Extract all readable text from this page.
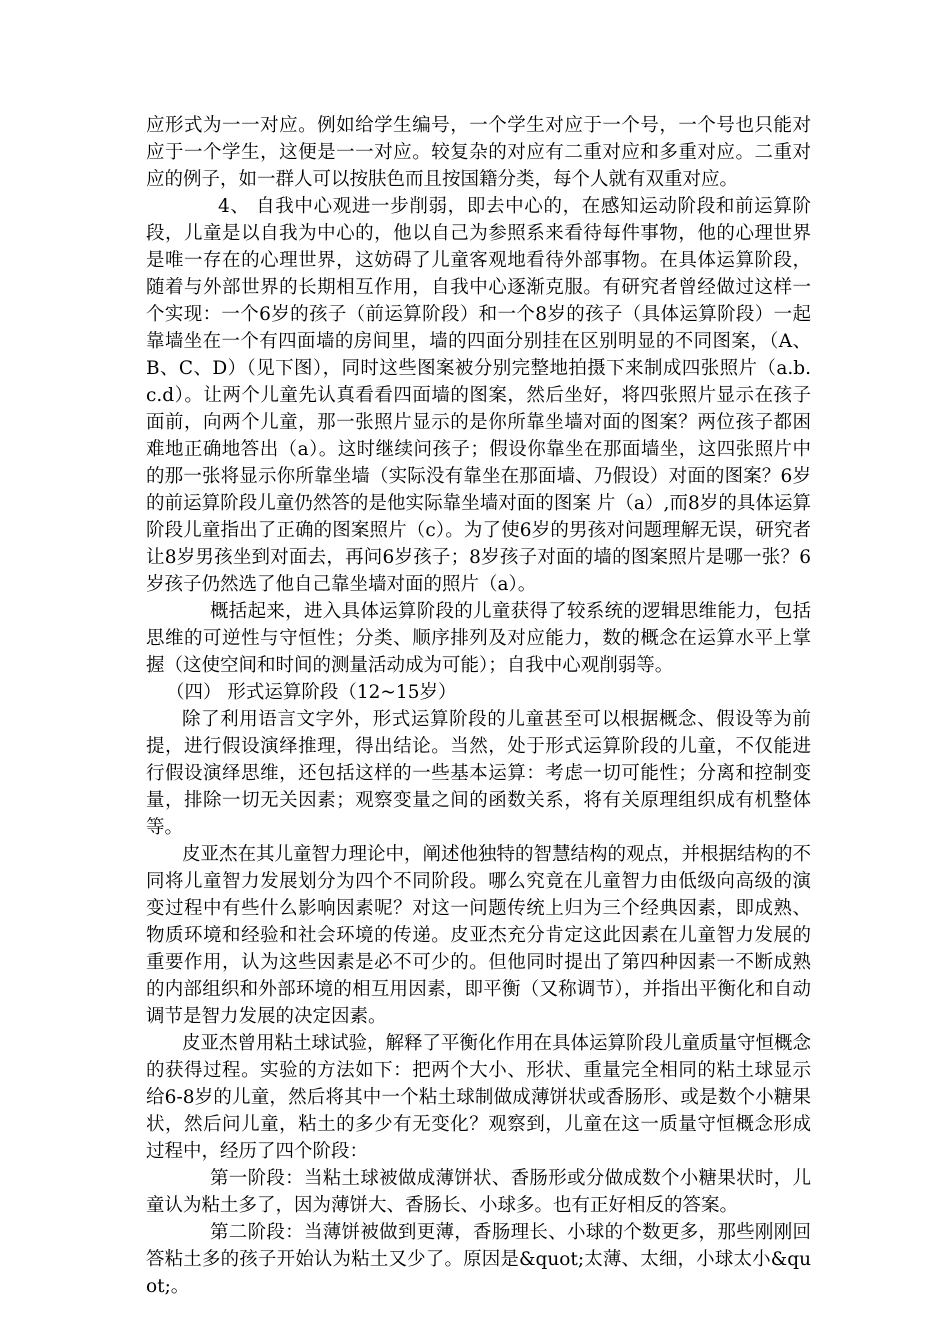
应形式为一一对应。例如给学生编号，一个学生对应于一个号，一个号也只能对应于一个学生，这便是一一对应。较复杂的对应有二重对应和多重对应。二重对应的例子，如一群人可以按肤色而且按国籍分类，每个人就有双重对应。

4、 自我中心观进一步削弱，即去中心的，在感知运动阶段和前运算阶段，儿童是以自我为中心的，他以自己为参照系来看待每件事物，他的心理世界是唯一存在的心理世界，这妨碍了儿童客观地看待外部事物。在具体运算阶段，随着与外部世界的长期相互作用，自我中心逐渐克服。有研究者曾经做过这样一个实现：一个6岁的孩子（前运算阶段）和一个8岁的孩子（具体运算阶段）一起靠墙坐在一个有四面墙的房间里，墙的四面分别挂在区别明显的不同图案，（A、B、C、D）（见下图），同时这些图案被分别完整地拍摄下来制成四张照片（a.b.c.d）。让两个儿童先认真看看四面墙的图案，然后坐好，将四张照片显示在孩子面前，向两个儿童，那一张照片显示的是你所靠坐墙对面的图案？两位孩子都困难地正确地答出（a）。这时继续问孩子；假设你靠坐在那面墙坐，这四张照片中的那一张将显示你所靠坐墙（实际没有靠坐在那面墙、乃假设）对面的图案？6岁的前运算阶段儿童仍然答的是他实际靠坐墙对面的图案 片（a）,而8岁的具体运算阶段儿童指出了正确的图案照片（c）。为了使6岁的男孩对问题理解无误，研究者让8岁男孩坐到对面去，再问6岁孩子；8岁孩子对面的墙的图案照片是哪一张？6岁孩子仍然选了他自己靠坐墙对面的照片（a）。

概括起来，进入具体运算阶段的儿童获得了较系统的逻辑思维能力，包括思维的可逆性与守恒性；分类、顺序排列及对应能力，数的概念在运算水平上掌握（这使空间和时间的测量活动成为可能）；自我中心观削弱等。

（四） 形式运算阶段（12~15岁）

除了利用语言文字外，形式运算阶段的儿童甚至可以根据概念、假设等为前提，进行假设演绎推理，得出结论。当然，处于形式运算阶段的儿童，不仅能进行假设演绎思维，还包括这样的一些基本运算：考虑一切可能性；分离和控制变量，排除一切无关因素；观察变量之间的函数关系，将有关原理组织成有机整体等。

皮亚杰在其儿童智力理论中，阐述他独特的智慧结构的观点，并根据结构的不同将儿童智力发展划分为四个不同阶段。哪么究竟在儿童智力由低级向高级的演变过程中有些什么影响因素呢？对这一问题传统上归为三个经典因素，即成熟、物质环境和经验和社会环境的传递。皮亚杰充分肯定这此因素在儿童智力发展的重要作用，认为这些因素是必不可少的。但他同时提出了第四种因素一不断成熟的内部组织和外部环境的相互用因素，即平衡（又称调节），并指出平衡化和自动调节是智力发展的决定因素。

皮亚杰曾用粘土球试验，解释了平衡化作用在具体运算阶段儿童质量守恒概念的获得过程。实验的方法如下：把两个大小、形状、重量完全相同的粘土球显示给6-8岁的儿童，然后将其中一个粘土球制做成薄饼状或香肠形、或是数个小糖果状，然后问儿童，粘土的多少有无变化？观察到，儿童在这一质量守恒概念形成过程中，经历了四个阶段：

第一阶段：当粘土球被做成薄饼状、香肠形或分做成数个小糖果状时，儿童认为粘土多了，因为薄饼大、香肠长、小球多。也有正好相反的答案。

第二阶段：当薄饼被做到更薄，香肠理长、小球的个数更多，那些刚刚回答粘土多的孩子开始认为粘土又少了。原因是&quot;太薄、太细，小球太小&quot;。
